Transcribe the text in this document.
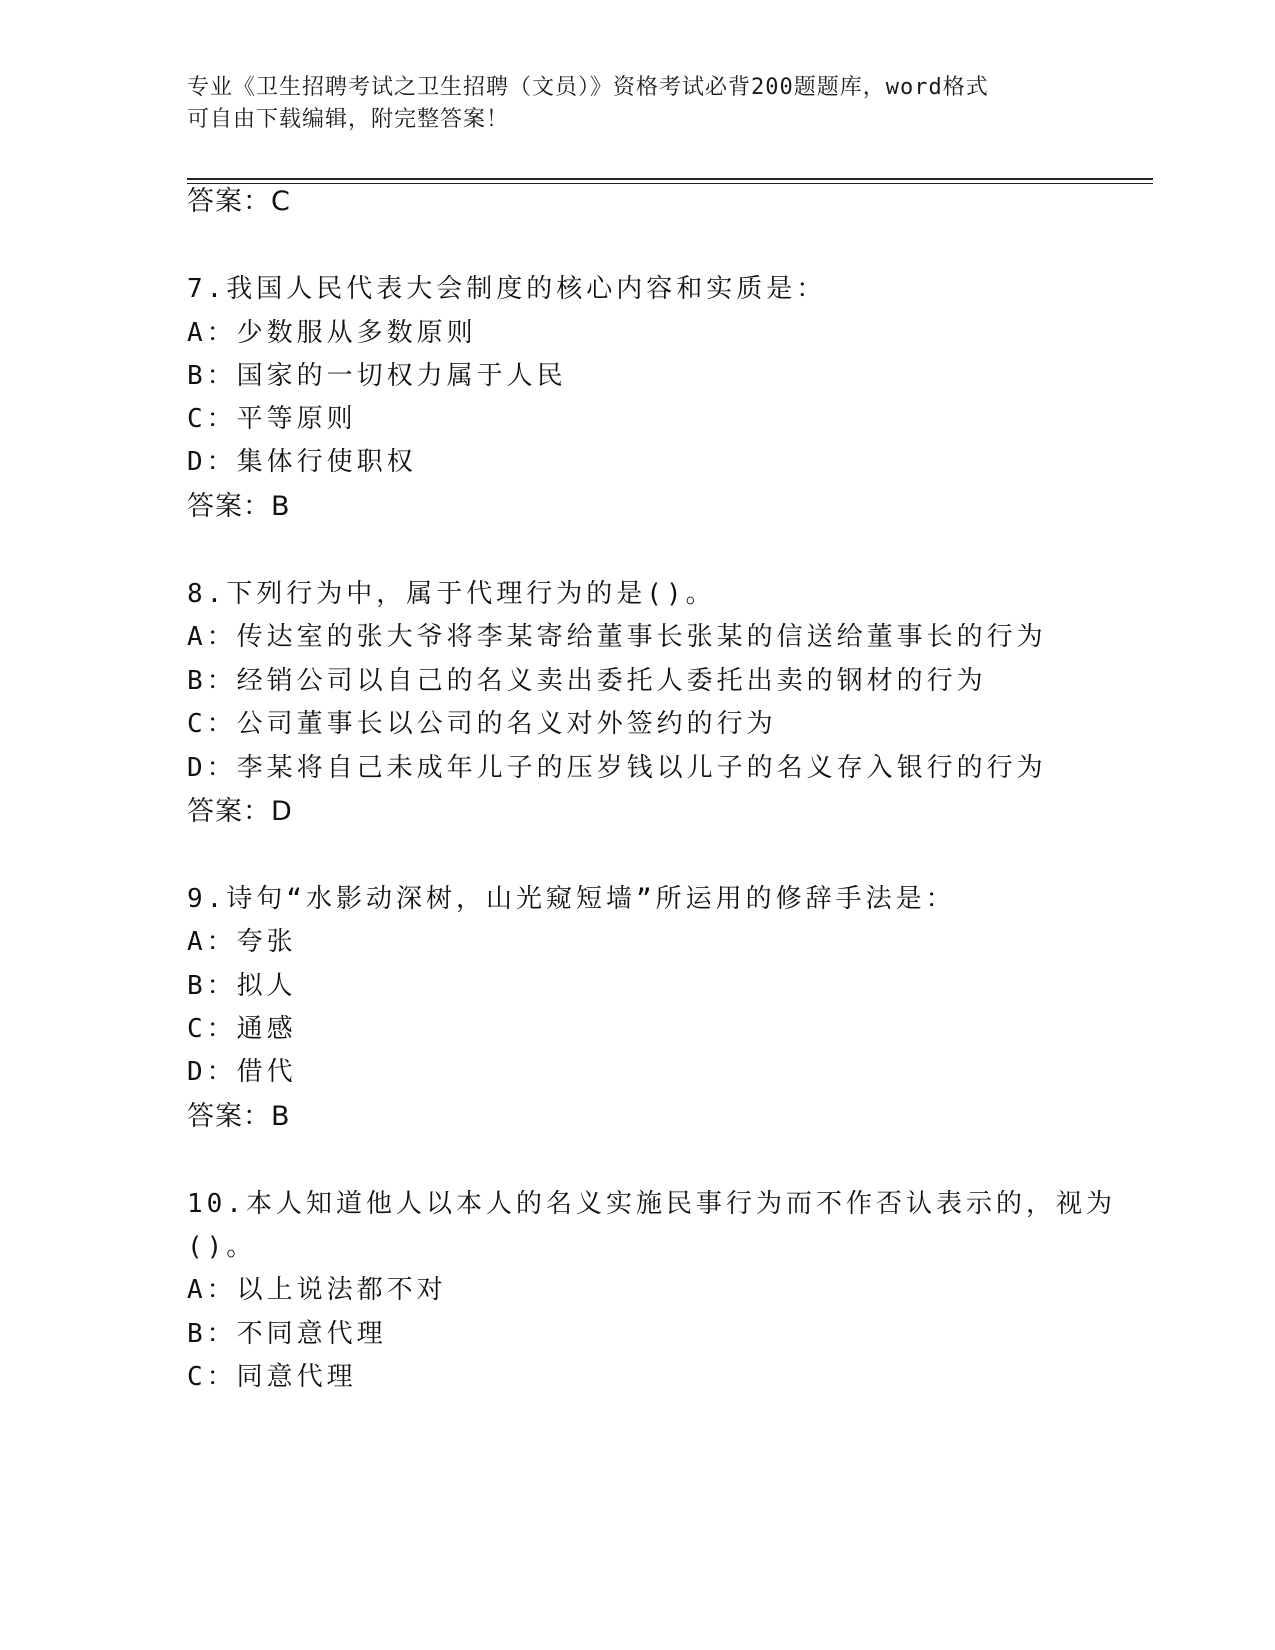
专业《卫生招聘考试之卫生招聘（文员）》资格考试必背200题题库，word格式
可自由下载编辑，附完整答案！
答案：C
7.我国人民代表大会制度的核心内容和实质是：
A：少数服从多数原则
B：国家的一切权力属于人民
C：平等原则
D：集体行使职权
答案：B
8.下列行为中，属于代理行为的是()。
A：传达室的张大爷将李某寄给董事长张某的信送给董事长的行为
B：经销公司以自己的名义卖出委托人委托出卖的钢材的行为
C：公司董事长以公司的名义对外签约的行为
D：李某将自己未成年儿子的压岁钱以儿子的名义存入银行的行为
答案：D
9.诗句“水影动深树，山光窥短墙”所运用的修辞手法是：
A：夸张
B：拟人
C：通感
D：借代
答案：B
10.本人知道他人以本人的名义实施民事行为而不作否认表示的，视为
()。
A：以上说法都不对
B：不同意代理
C：同意代理
